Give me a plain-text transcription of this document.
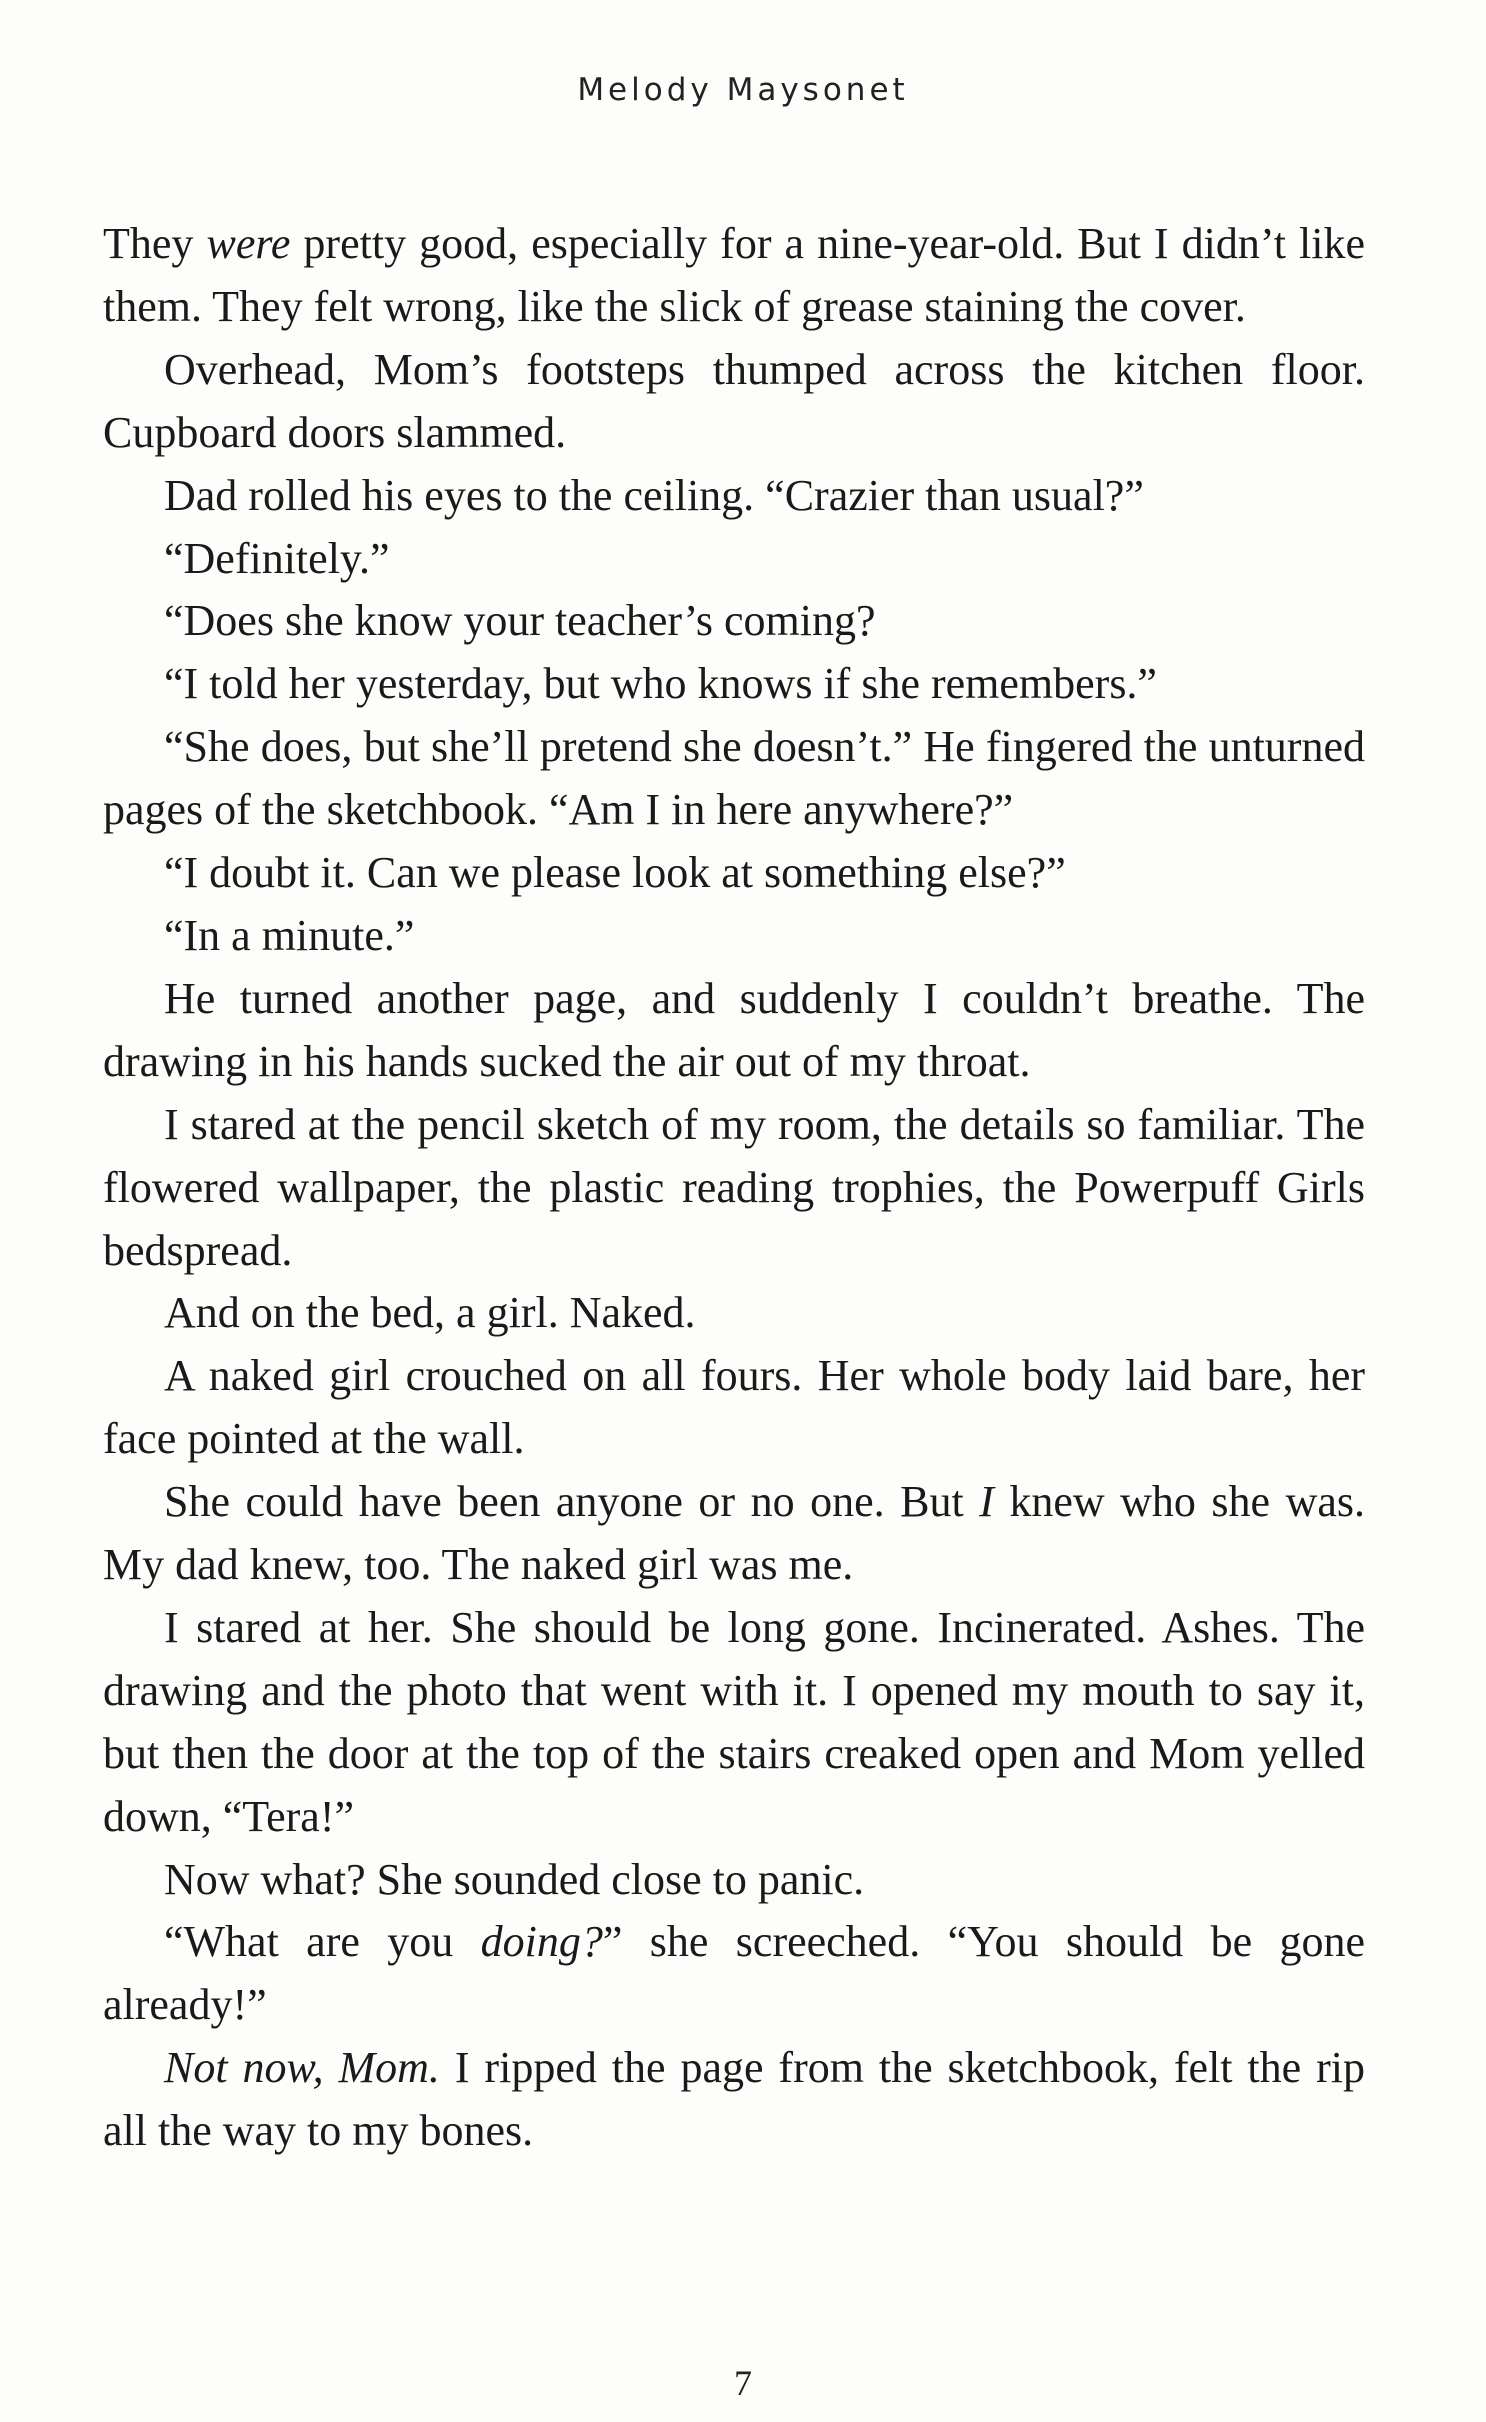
Melody Maysonet

They were pretty good, especially for a nine-year-old. But I didn’t like them. They felt wrong, like the slick of grease staining the cover.

Overhead, Mom’s footsteps thumped across the kitchen floor. Cupboard doors slammed.

Dad rolled his eyes to the ceiling. “Crazier than usual?”

“Definitely.”

“Does she know your teacher’s coming?

“I told her yesterday, but who knows if she remembers.”

“She does, but she’ll pretend she doesn’t.” He fingered the unturned pages of the sketchbook. “Am I in here anywhere?”

“I doubt it. Can we please look at something else?”

“In a minute.”

He turned another page, and suddenly I couldn’t breathe. The drawing in his hands sucked the air out of my throat.

I stared at the pencil sketch of my room, the details so familiar. The flowered wallpaper, the plastic reading trophies, the Powerpuff Girls bedspread.

And on the bed, a girl. Naked.

A naked girl crouched on all fours. Her whole body laid bare, her face pointed at the wall.

She could have been anyone or no one. But I knew who she was. My dad knew, too. The naked girl was me.

I stared at her. She should be long gone. Incinerated. Ashes. The drawing and the photo that went with it. I opened my mouth to say it, but then the door at the top of the stairs creaked open and Mom yelled down, “Tera!”

Now what? She sounded close to panic.

“What are you doing?” she screeched. “You should be gone already!”

Not now, Mom. I ripped the page from the sketchbook, felt the rip all the way to my bones.

7
